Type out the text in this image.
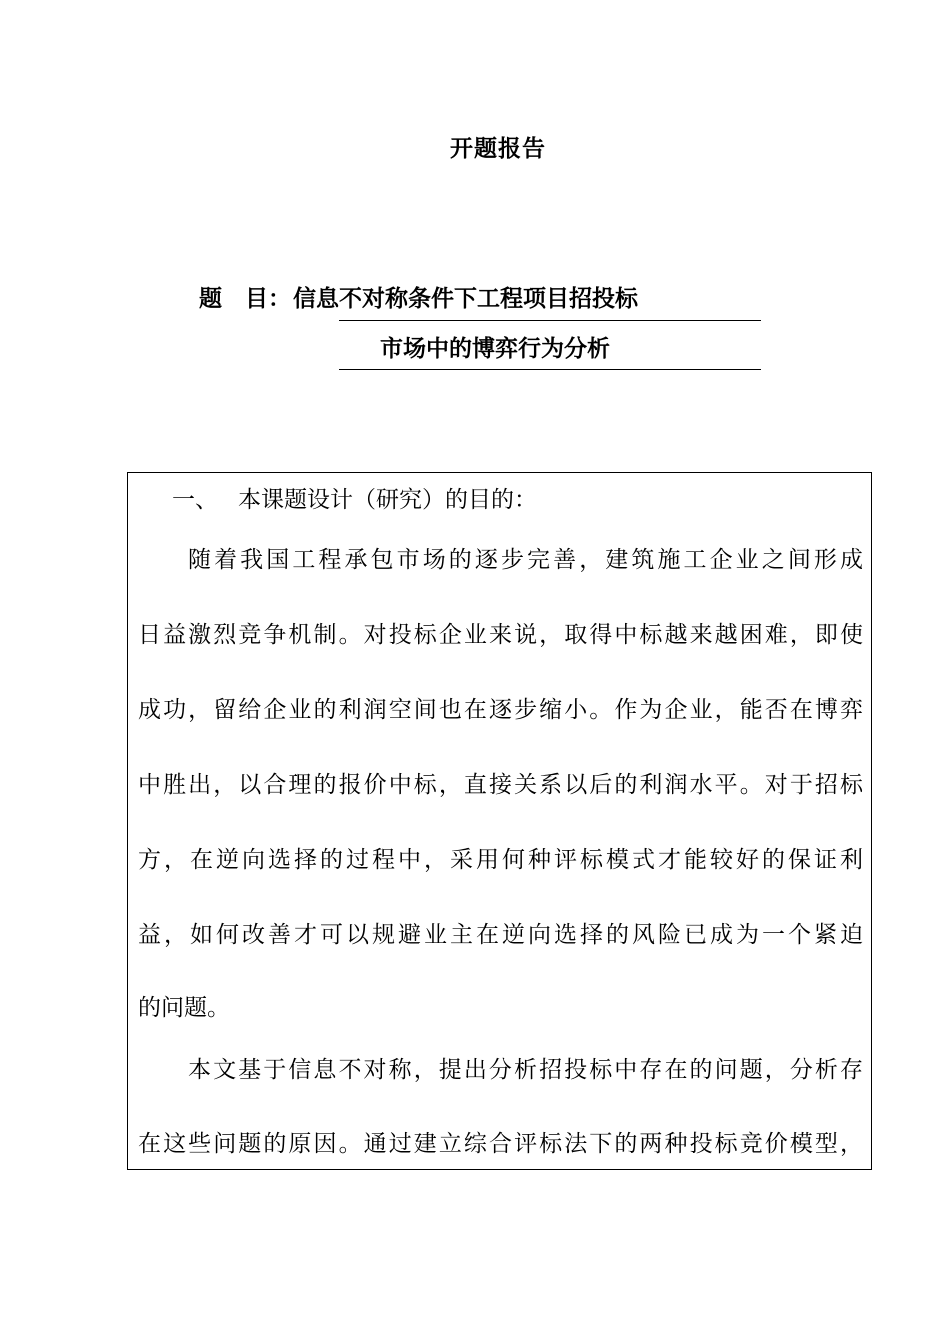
开题报告
题　目： 信息不对称条件下工程项目招投标
市场中的博弈行为分析
一、 本课题设计（研究）的目的：
随着我国工程承包市场的逐步完善，建筑施工企业之间形成
日益激烈竞争机制。对投标企业来说，取得中标越来越困难，即使
成功，留给企业的利润空间也在逐步缩小。作为企业，能否在博弈
中胜出，以合理的报价中标，直接关系以后的利润水平。对于招标
方，在逆向选择的过程中，采用何种评标模式才能较好的保证利
益，如何改善才可以规避业主在逆向选择的风险已成为一个紧迫
的问题。
本文基于信息不对称，提出分析招投标中存在的问题，分析存
在这些问题的原因。通过建立综合评标法下的两种投标竞价模型，
